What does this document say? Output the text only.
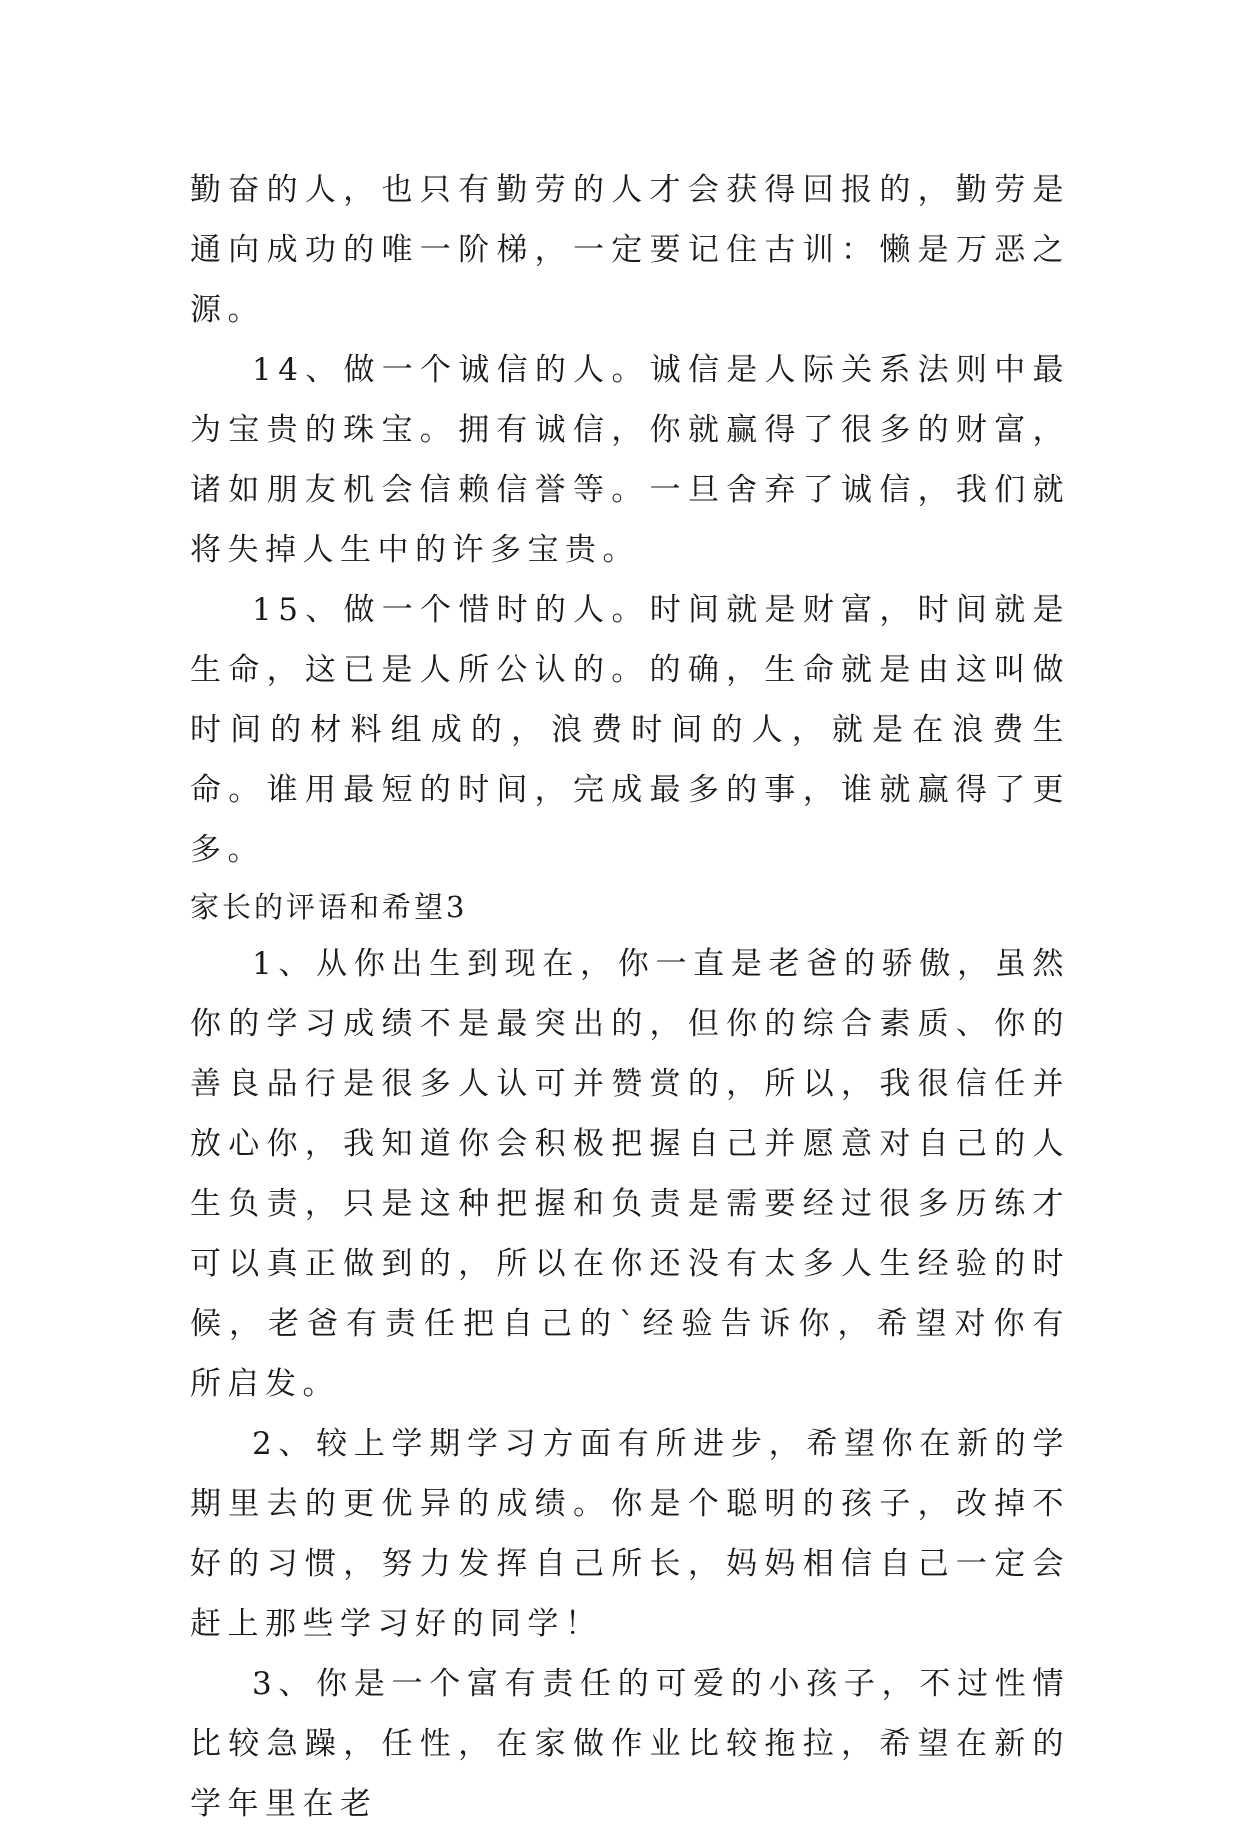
勤奋的人，也只有勤劳的人才会获得回报的，勤劳是通向成功的唯一阶梯，一定要记住古训：懒是万恶之源。

14、做一个诚信的人。诚信是人际关系法则中最为宝贵的珠宝。拥有诚信，你就赢得了很多的财富，诸如朋友机会信赖信誉等。一旦舍弃了诚信，我们就将失掉人生中的许多宝贵。

15、做一个惜时的人。时间就是财富，时间就是生命，这已是人所公认的。的确，生命就是由这叫做时间的材料组成的，浪费时间的人，就是在浪费生命。谁用最短的时间，完成最多的事，谁就赢得了更多。

家长的评语和希望3

1、从你出生到现在，你一直是老爸的骄傲，虽然你的学习成绩不是最突出的，但你的综合素质、你的善良品行是很多人认可并赞赏的，所以，我很信任并放心你，我知道你会积极把握自己并愿意对自己的人生负责，只是这种把握和负责是需要经过很多历练才可以真正做到的，所以在你还没有太多人生经验的时候，老爸有责任把自己的`经验告诉你，希望对你有所启发。

2、较上学期学习方面有所进步，希望你在新的学期里去的更优异的成绩。你是个聪明的孩子，改掉不好的习惯，努力发挥自己所长，妈妈相信自己一定会赶上那些学习好的同学！

3、你是一个富有责任的可爱的小孩子，不过性情比较急躁，任性，在家做作业比较拖拉，希望在新的学年里在老
